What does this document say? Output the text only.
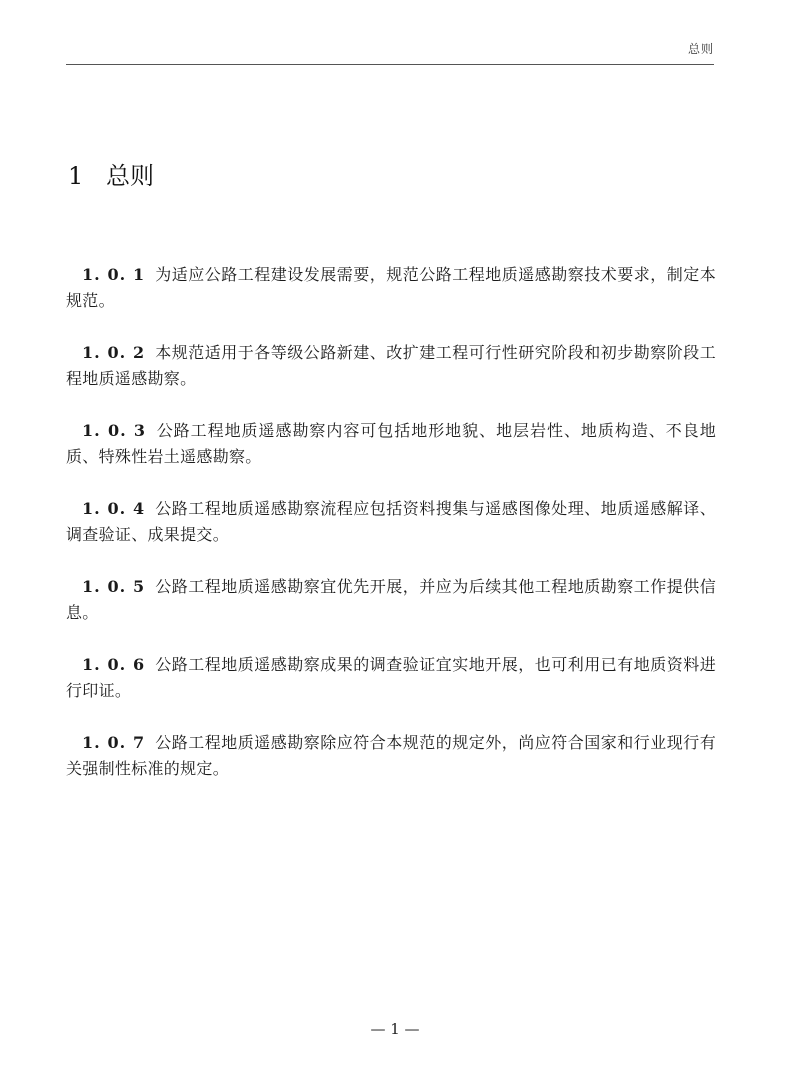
总则
1 总则

1. 0. 1 为适应公路工程建设发展需要，规范公路工程地质遥感勘察技术要求，制定本规范。

1. 0. 2 本规范适用于各等级公路新建、改扩建工程可行性研究阶段和初步勘察阶段工程地质遥感勘察。

1. 0. 3 公路工程地质遥感勘察内容可包括地形地貌、地层岩性、地质构造、不良地质、特殊性岩土遥感勘察。

1. 0. 4 公路工程地质遥感勘察流程应包括资料搜集与遥感图像处理、地质遥感解译、调查验证、成果提交。

1. 0. 5 公路工程地质遥感勘察宜优先开展，并应为后续其他工程地质勘察工作提供信息。

1. 0. 6 公路工程地质遥感勘察成果的调查验证宜实地开展，也可利用已有地质资料进行印证。

1. 0. 7 公路工程地质遥感勘察除应符合本规范的规定外，尚应符合国家和行业现行有关强制性标准的规定。

— 1 —
